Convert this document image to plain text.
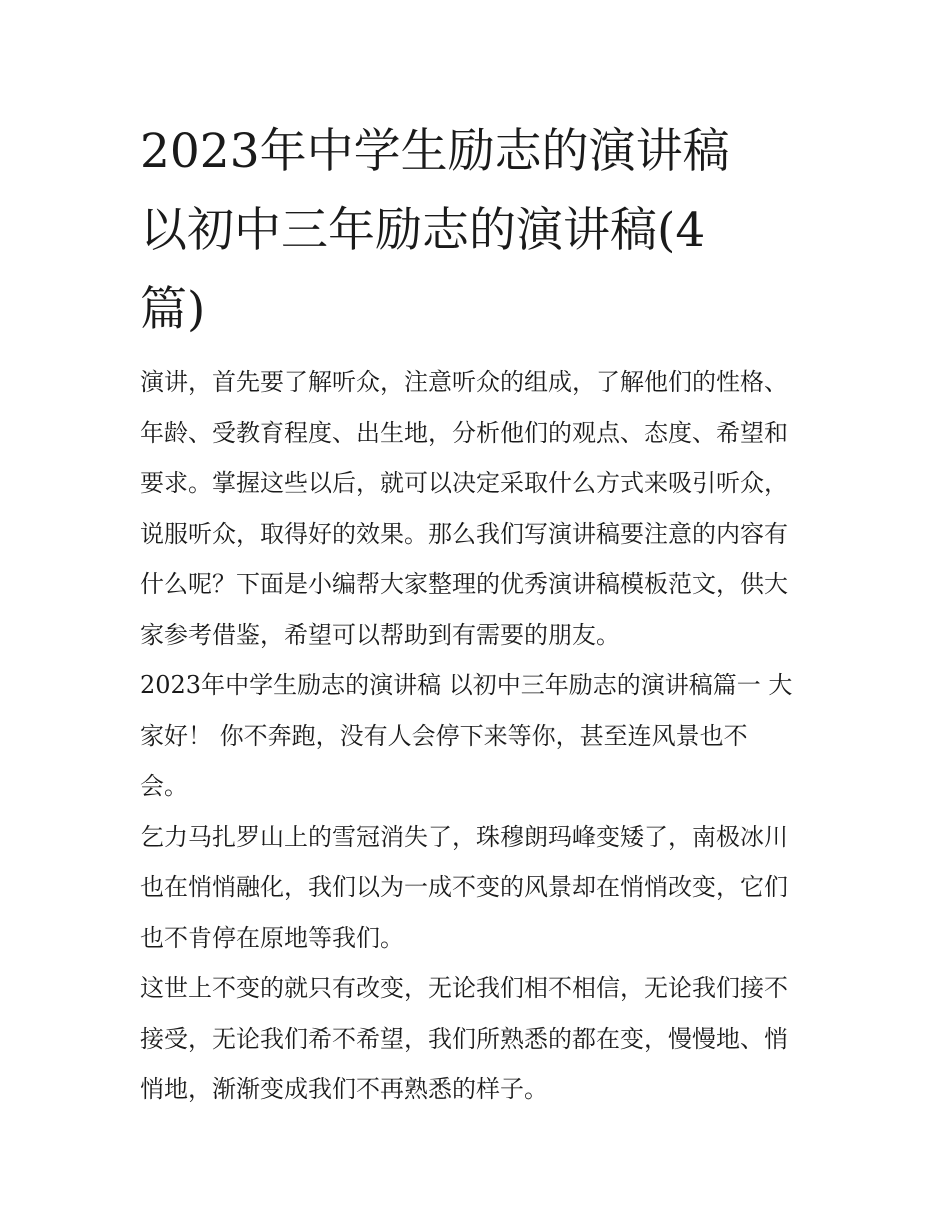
2023年中学生励志的演讲稿
以初中三年励志的演讲稿(4
篇)

演讲，首先要了解听众，注意听众的组成，了解他们的性格、
年龄、受教育程度、出生地，分析他们的观点、态度、希望和
要求。掌握这些以后，就可以决定采取什么方式来吸引听众，
说服听众，取得好的效果。那么我们写演讲稿要注意的内容有
什么呢？下面是小编帮大家整理的优秀演讲稿模板范文，供大
家参考借鉴，希望可以帮助到有需要的朋友。

2023年中学生励志的演讲稿 以初中三年励志的演讲稿篇一 大
家好！ 你不奔跑，没有人会停下来等你，甚至连风景也不
会。

乞力马扎罗山上的雪冠消失了，珠穆朗玛峰变矮了，南极冰川
也在悄悄融化，我们以为一成不变的风景却在悄悄改变，它们
也不肯停在原地等我们。

这世上不变的就只有改变，无论我们相不相信，无论我们接不
接受，无论我们希不希望，我们所熟悉的都在变，慢慢地、悄
悄地，渐渐变成我们不再熟悉的样子。
